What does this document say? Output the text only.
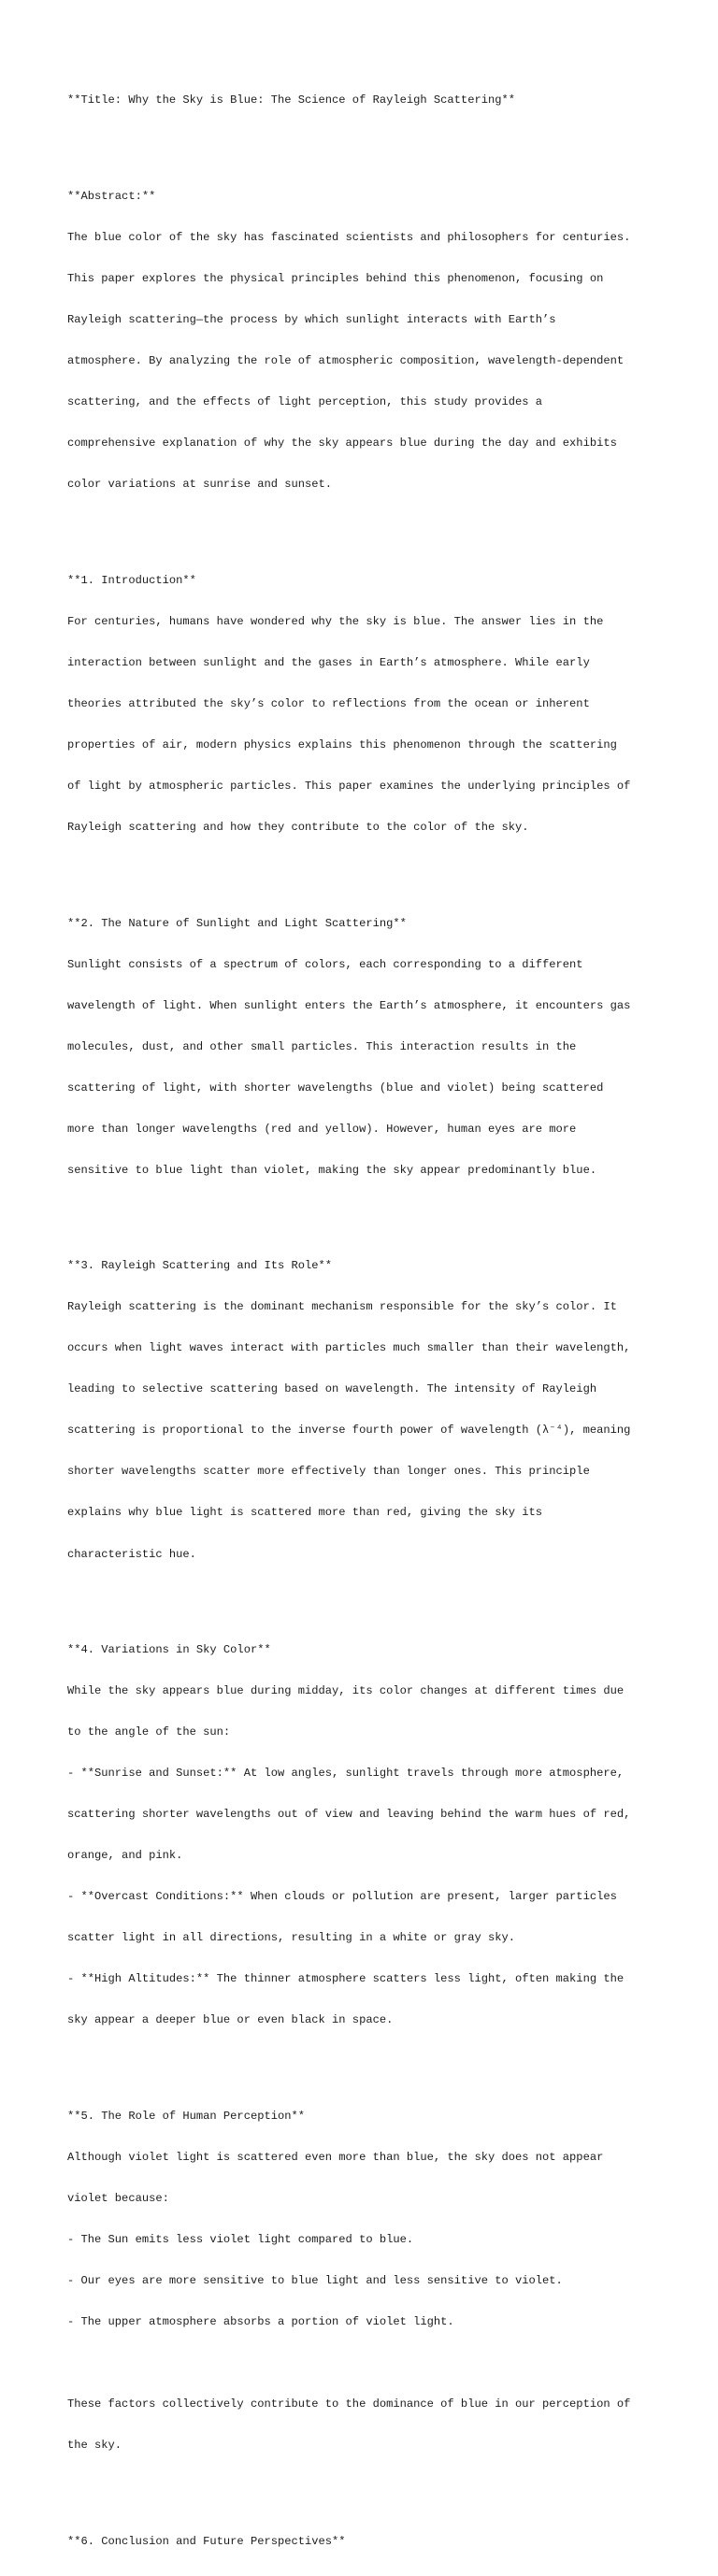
**Title: Why the Sky is Blue: The Science of Rayleigh Scattering**

**Abstract:**

The blue color of the sky has fascinated scientists and philosophers for centuries.

This paper explores the physical principles behind this phenomenon, focusing on

Rayleigh scattering—the process by which sunlight interacts with Earth’s

atmosphere. By analyzing the role of atmospheric composition, wavelength-dependent

scattering, and the effects of light perception, this study provides a

comprehensive explanation of why the sky appears blue during the day and exhibits

color variations at sunrise and sunset.

**1. Introduction**

For centuries, humans have wondered why the sky is blue. The answer lies in the

interaction between sunlight and the gases in Earth’s atmosphere. While early

theories attributed the sky’s color to reflections from the ocean or inherent

properties of air, modern physics explains this phenomenon through the scattering

of light by atmospheric particles. This paper examines the underlying principles of

Rayleigh scattering and how they contribute to the color of the sky.

**2. The Nature of Sunlight and Light Scattering**

Sunlight consists of a spectrum of colors, each corresponding to a different

wavelength of light. When sunlight enters the Earth’s atmosphere, it encounters gas

molecules, dust, and other small particles. This interaction results in the

scattering of light, with shorter wavelengths (blue and violet) being scattered

more than longer wavelengths (red and yellow). However, human eyes are more

sensitive to blue light than violet, making the sky appear predominantly blue.

**3. Rayleigh Scattering and Its Role**

Rayleigh scattering is the dominant mechanism responsible for the sky’s color. It

occurs when light waves interact with particles much smaller than their wavelength,

leading to selective scattering based on wavelength. The intensity of Rayleigh

scattering is proportional to the inverse fourth power of wavelength (λ⁻⁴), meaning

shorter wavelengths scatter more effectively than longer ones. This principle

explains why blue light is scattered more than red, giving the sky its

characteristic hue.

**4. Variations in Sky Color**

While the sky appears blue during midday, its color changes at different times due

to the angle of the sun:

- **Sunrise and Sunset:** At low angles, sunlight travels through more atmosphere,

scattering shorter wavelengths out of view and leaving behind the warm hues of red,

orange, and pink.

- **Overcast Conditions:** When clouds or pollution are present, larger particles

scatter light in all directions, resulting in a white or gray sky.

- **High Altitudes:** The thinner atmosphere scatters less light, often making the

sky appear a deeper blue or even black in space.

**5. The Role of Human Perception**

Although violet light is scattered even more than blue, the sky does not appear

violet because:

- The Sun emits less violet light compared to blue.

- Our eyes are more sensitive to blue light and less sensitive to violet.

- The upper atmosphere absorbs a portion of violet light.

These factors collectively contribute to the dominance of blue in our perception of

the sky.

**6. Conclusion and Future Perspectives**
